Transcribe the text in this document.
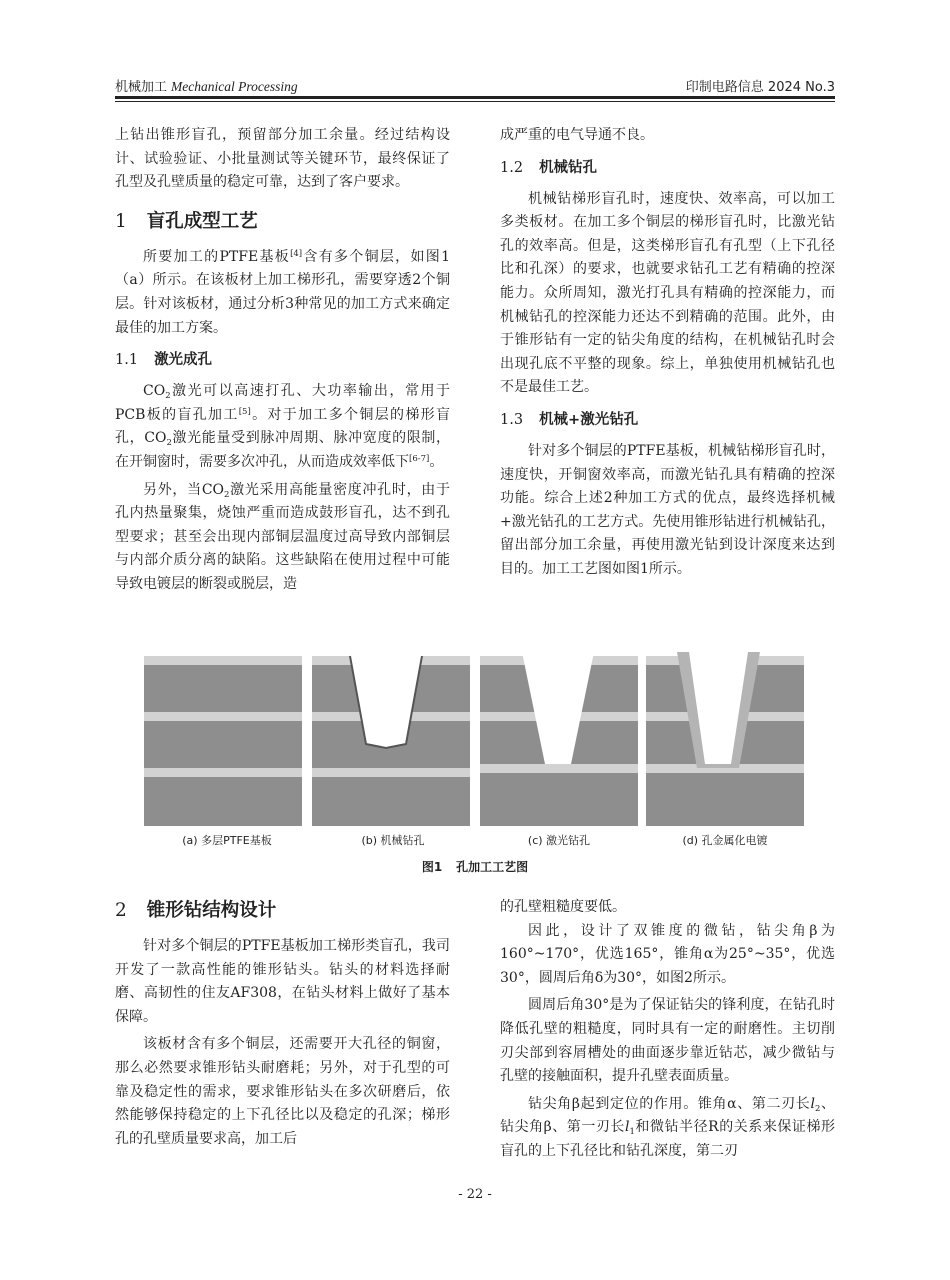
机械加工 Mechanical Processing	印制电路信息 2024 No.3

上钻出锥形盲孔，预留部分加工余量。经过结构设计、试验验证、小批量测试等关键环节，最终保证了孔型及孔壁质量的稳定可靠，达到了客户要求。

1 盲孔成型工艺

所要加工的PTFE基板[4]含有多个铜层，如图1（a）所示。在该板材上加工梯形孔，需要穿透2个铜层。针对该板材，通过分析3种常见的加工方式来确定最佳的加工方案。

1.1 激光成孔

$CO_2$激光可以高速打孔、大功率输出，常用于PCB板的盲孔加工[5]。对于加工多个铜层的梯形盲孔，$CO_2$激光能量受到脉冲周期、脉冲宽度的限制，在开铜窗时，需要多次冲孔，从而造成效率低下[6-7]。

另外，当$CO_2$激光采用高能量密度冲孔时，由于孔内热量聚集，烧蚀严重而造成鼓形盲孔，达不到孔型要求；甚至会出现内部铜层温度过高导致内部铜层与内部介质分离的缺陷。这些缺陷在使用过程中可能导致电镀层的断裂或脱层，造

成严重的电气导通不良。

1.2 机械钻孔

机械钻梯形盲孔时，速度快、效率高，可以加工多类板材。在加工多个铜层的梯形盲孔时，比激光钻孔的效率高。但是，这类梯形盲孔有孔型（上下孔径比和孔深）的要求，也就要求钻孔工艺有精确的控深能力。众所周知，激光打孔具有精确的控深能力，而机械钻孔的控深能力还达不到精确的范围。此外，由于锥形钻有一定的钻尖角度的结构，在机械钻孔时会出现孔底不平整的现象。综上，单独使用机械钻孔也不是最佳工艺。

1.3 机械+激光钻孔

针对多个铜层的PTFE基板，机械钻梯形盲孔时，速度快，开铜窗效率高，而激光钻孔具有精确的控深功能。综合上述2种加工方式的优点，最终选择机械+激光钻孔的工艺方式。先使用锥形钻进行机械钻孔，留出部分加工余量，再使用激光钻到设计深度来达到目的。加工工艺图如图1所示。

(a) 多层PTFE基板	(b) 机械钻孔	(c) 激光钻孔	(d) 孔金属化电镀
图1 孔加工工艺图
2 锥形钻结构设计

针对多个铜层的PTFE基板加工梯形类盲孔，我司开发了一款高性能的锥形钻头。钻头的材料选择耐磨、高韧性的住友AF308，在钻头材料上做好了基本保障。

该板材含有多个铜层，还需要开大孔径的铜窗，那么必然要求锥形钻头耐磨耗；另外，对于孔型的可靠及稳定性的需求，要求锥形钻头在多次研磨后，依然能够保持稳定的上下孔径比以及稳定的孔深；梯形孔的孔壁质量要求高，加工后

的孔壁粗糙度要低。

因此，设计了双锥度的微钻，钻尖角β为160°~170°，优选165°，锥角α为25°~35°，优选30°，圆周后角δ为30°，如图2所示。

圆周后角30°是为了保证钻尖的锋利度，在钻孔时降低孔壁的粗糙度，同时具有一定的耐磨性。主切削刃尖部到容屑槽处的曲面逐步靠近钻芯，减少微钻与孔壁的接触面积，提升孔壁表面质量。

钻尖角β起到定位的作用。锥角α、第二刃长$l_2$、钻尖角β、第一刃长$l_1$和微钻半径R的关系来保证梯形盲孔的上下孔径比和钻孔深度，第二刃

- 22 -
